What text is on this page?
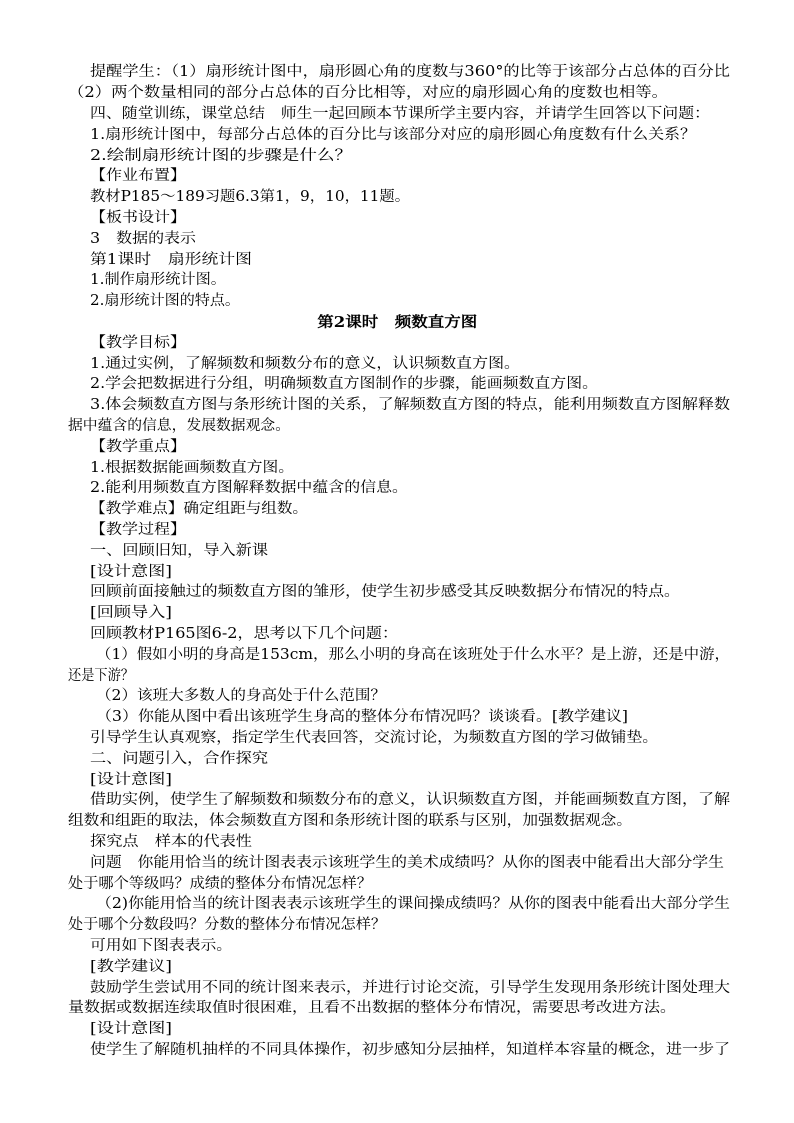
提醒学生：（1）扇形统计图中，扇形圆心角的度数与360°的比等于该部分占总体的百分比
（2）两个数量相同的部分占总体的百分比相等，对应的扇形圆心角的度数也相等。
四、随堂训练，课堂总结　师生一起回顾本节课所学主要内容，并请学生回答以下问题：
1.扇形统计图中，每部分占总体的百分比与该部分对应的扇形圆心角度数有什么关系？
2.绘制扇形统计图的步骤是什么？
【作业布置】
教材P185～189习题6.3第1，9，10，11题。
【板书设计】
3　数据的表示
第1课时　扇形统计图
1.制作扇形统计图。
2.扇形统计图的特点。
第2课时　频数直方图
【教学目标】
1.通过实例，了解频数和频数分布的意义，认识频数直方图。
2.学会把数据进行分组，明确频数直方图制作的步骤，能画频数直方图。
3.体会频数直方图与条形统计图的关系，了解频数直方图的特点，能利用频数直方图解释数
据中蕴含的信息，发展数据观念。
【教学重点】
1.根据数据能画频数直方图。
2.能利用频数直方图解释数据中蕴含的信息。
【教学难点】确定组距与组数。
【教学过程】
一、回顾旧知，导入新课
[设计意图]
回顾前面接触过的频数直方图的雏形，使学生初步感受其反映数据分布情况的特点。
[回顾导入]
回顾教材P165图6-2，思考以下几个问题：
（1）假如小明的身高是153cm，那么小明的身高在该班处于什么水平？是上游，还是中游，
还是下游？
（2）该班大多数人的身高处于什么范围？
（3）你能从图中看出该班学生身高的整体分布情况吗？谈谈看。[教学建议]
引导学生认真观察，指定学生代表回答，交流讨论，为频数直方图的学习做铺垫。
二、问题引入，合作探究
[设计意图]
借助实例，使学生了解频数和频数分布的意义，认识频数直方图，并能画频数直方图，了解
组数和组距的取法，体会频数直方图和条形统计图的联系与区别，加强数据观念。
探究点　样本的代表性
问题　你能用恰当的统计图表表示该班学生的美术成绩吗？从你的图表中能看出大部分学生
处于哪个等级吗？成绩的整体分布情况怎样？
（2)你能用恰当的统计图表表示该班学生的课间操成绩吗？从你的图表中能看出大部分学生
处于哪个分数段吗？分数的整体分布情况怎样？
可用如下图表表示。
[教学建议]
鼓励学生尝试用不同的统计图来表示，并进行讨论交流，引导学生发现用条形统计图处理大
量数据或数据连续取值时很困难，且看不出数据的整体分布情况，需要思考改进方法。
[设计意图]
使学生了解随机抽样的不同具体操作，初步感知分层抽样，知道样本容量的概念，进一步了
